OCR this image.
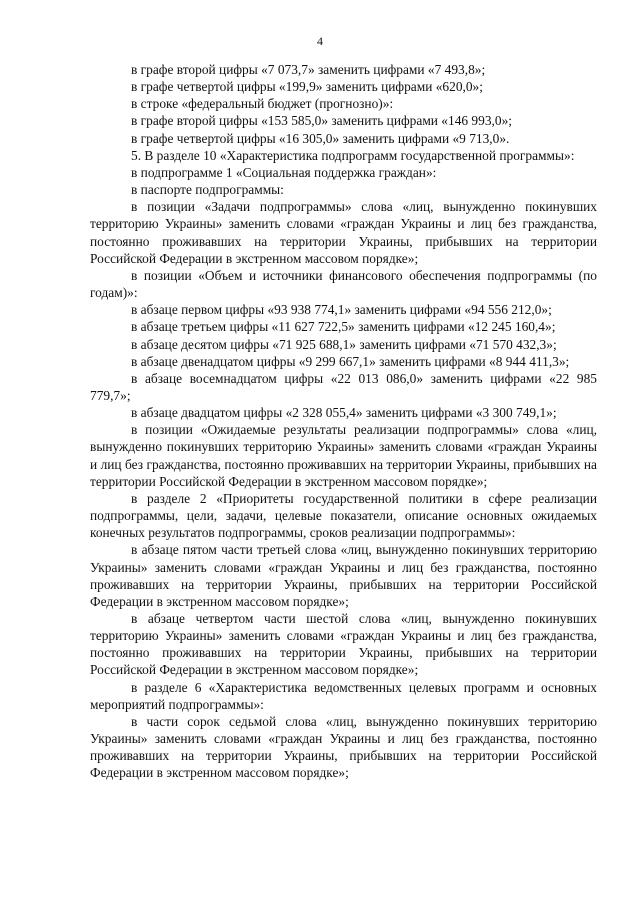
4

в графе второй цифры «7 073,7» заменить цифрами «7 493,8»;

в графе четвертой цифры «199,9» заменить цифрами «620,0»;

в строке «федеральный бюджет (прогнозно)»:

в графе второй цифры «153 585,0» заменить цифрами «146 993,0»;

в графе четвертой цифры «16 305,0» заменить цифрами «9 713,0».

5. В разделе 10 «Характеристика подпрограмм государственной программы»:

в подпрограмме 1 «Социальная поддержка граждан»:

в паспорте подпрограммы:

в позиции «Задачи подпрограммы» слова «лиц, вынужденно покинувших территорию Украины» заменить словами «граждан Украины и лиц без гражданства, постоянно проживавших на территории Украины, прибывших на территории Российской Федерации в экстренном массовом порядке»;

в позиции «Объем и источники финансового обеспечения подпрограммы (по годам)»:

в абзаце первом цифры «93 938 774,1» заменить цифрами «94 556 212,0»;

в абзаце третьем цифры «11 627 722,5» заменить цифрами «12 245 160,4»;

в абзаце десятом цифры «71 925 688,1» заменить цифрами «71 570 432,3»;

в абзаце двенадцатом цифры «9 299 667,1» заменить цифрами «8 944 411,3»;

в абзаце восемнадцатом цифры «22 013 086,0» заменить цифрами «22 985 779,7»;

в абзаце двадцатом цифры «2 328 055,4» заменить цифрами «3 300 749,1»;

в позиции «Ожидаемые результаты реализации подпрограммы» слова «лиц, вынужденно покинувших территорию Украины» заменить словами «граждан Украины и лиц без гражданства, постоянно проживавших на территории Украины, прибывших на территории Российской Федерации в экстренном массовом порядке»;

в разделе 2 «Приоритеты государственной политики в сфере реализации подпрограммы, цели, задачи, целевые показатели, описание основных ожидаемых конечных результатов подпрограммы, сроков реализации подпрограммы»:

в абзаце пятом части третьей слова «лиц, вынужденно покинувших территорию Украины» заменить словами «граждан Украины и лиц без гражданства, постоянно проживавших на территории Украины, прибывших на территории Российской Федерации в экстренном массовом порядке»;

в абзаце четвертом части шестой слова «лиц, вынужденно покинувших территорию Украины» заменить словами «граждан Украины и лиц без гражданства, постоянно проживавших на территории Украины, прибывших на территории Российской Федерации в экстренном массовом порядке»;

в разделе 6 «Характеристика ведомственных целевых программ и основных мероприятий подпрограммы»:

в части сорок седьмой слова «лиц, вынужденно покинувших территорию Украины» заменить словами «граждан Украины и лиц без гражданства, постоянно проживавших на территории Украины, прибывших на территории Российской Федерации в экстренном массовом порядке»;
